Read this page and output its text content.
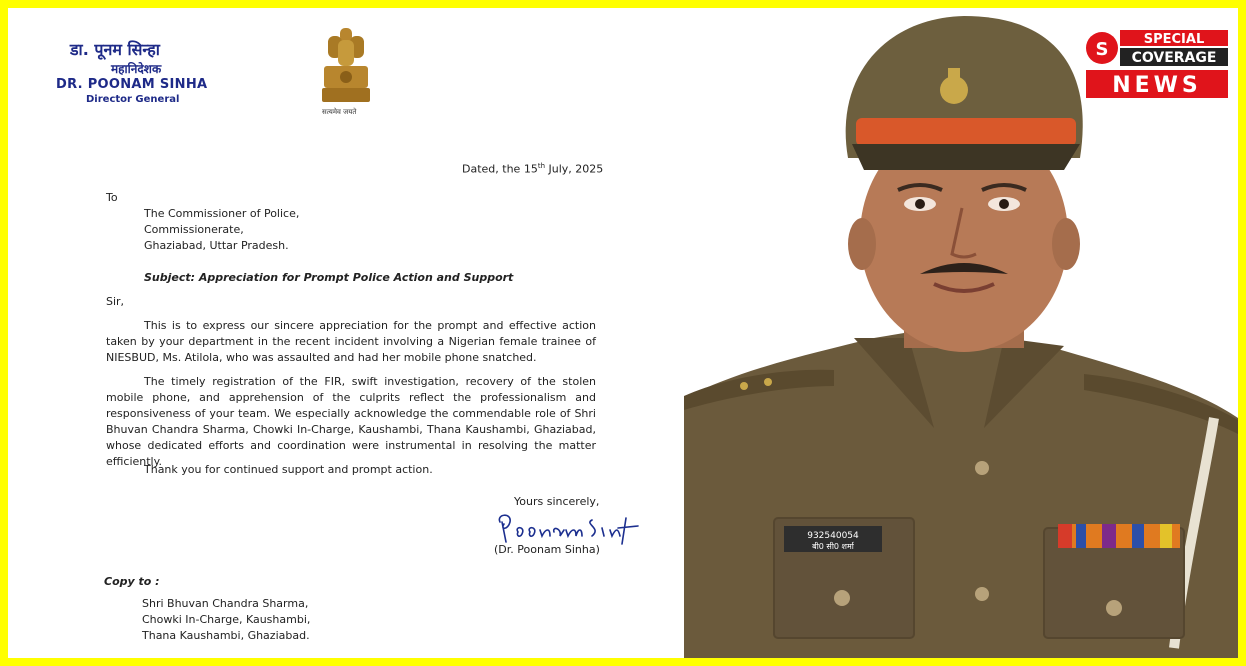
डा. पूनम सिन्हा
महानिदेशक
DR. POONAM SINHA
Director General
सत्यमेव जयते
Dated, the 15th July, 2025
To
The Commissioner of Police,
Commissionerate,
Ghaziabad, Uttar Pradesh.
Subject: Appreciation for Prompt Police Action and Support
Sir,
This is to express our sincere appreciation for the prompt and effective action taken by your department in the recent incident involving a Nigerian female trainee of NIESBUD, Ms. Atilola, who was assaulted and had her mobile phone snatched.
The timely registration of the FIR, swift investigation, recovery of the stolen mobile phone, and apprehension of the culprits reflect the professionalism and responsiveness of your team. We especially acknowledge the commendable role of Shri Bhuvan Chandra Sharma, Chowki In-Charge, Kaushambi, Thana Kaushambi, Ghaziabad, whose dedicated efforts and coordination were instrumental in resolving the matter efficiently.
Thank you for continued support and prompt action.
Yours sincerely,
(Dr. Poonam Sinha)
Copy to :
Shri Bhuvan Chandra Sharma,
Chowki In-Charge, Kaushambi,
Thana Kaushambi, Ghaziabad.
932540054
बी0 सी0 शर्मा
S	SPECIAL
COVERAGE
NEWS
